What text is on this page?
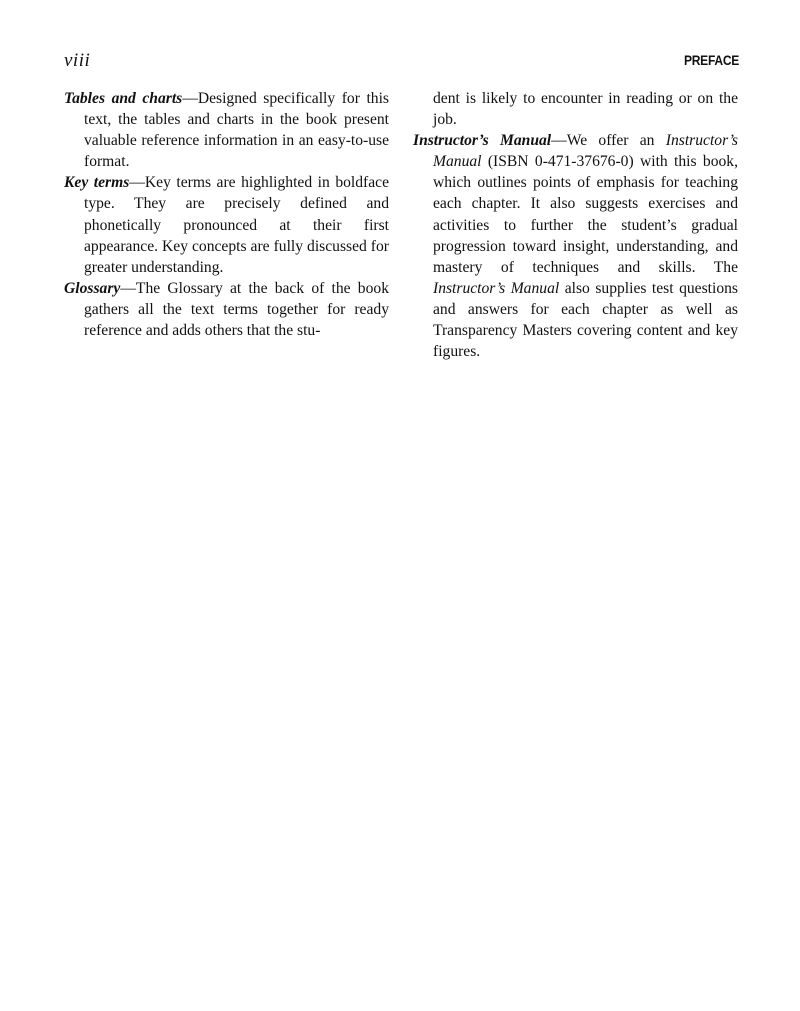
viii	PREFACE

Tables and charts—Designed specifically for this text, the tables and charts in the book present valuable reference information in an easy-to-use format.

Key terms—Key terms are highlighted in boldface type. They are precisely defined and phonetically pronounced at their first appearance. Key concepts are fully discussed for greater understanding.

Glossary—The Glossary at the back of the book gathers all the text terms together for ready reference and adds others that the stu-

dent is likely to encounter in reading or on the job.

Instructor’s Manual—We offer an Instructor’s Manual (ISBN 0-471-37676-0) with this book, which outlines points of emphasis for teaching each chapter. It also suggests exercises and activities to further the student’s gradual progression toward insight, understanding, and mastery of techniques and skills. The Instructor’s Manual also supplies test questions and answers for each chapter as well as Transparency Masters covering content and key figures.
